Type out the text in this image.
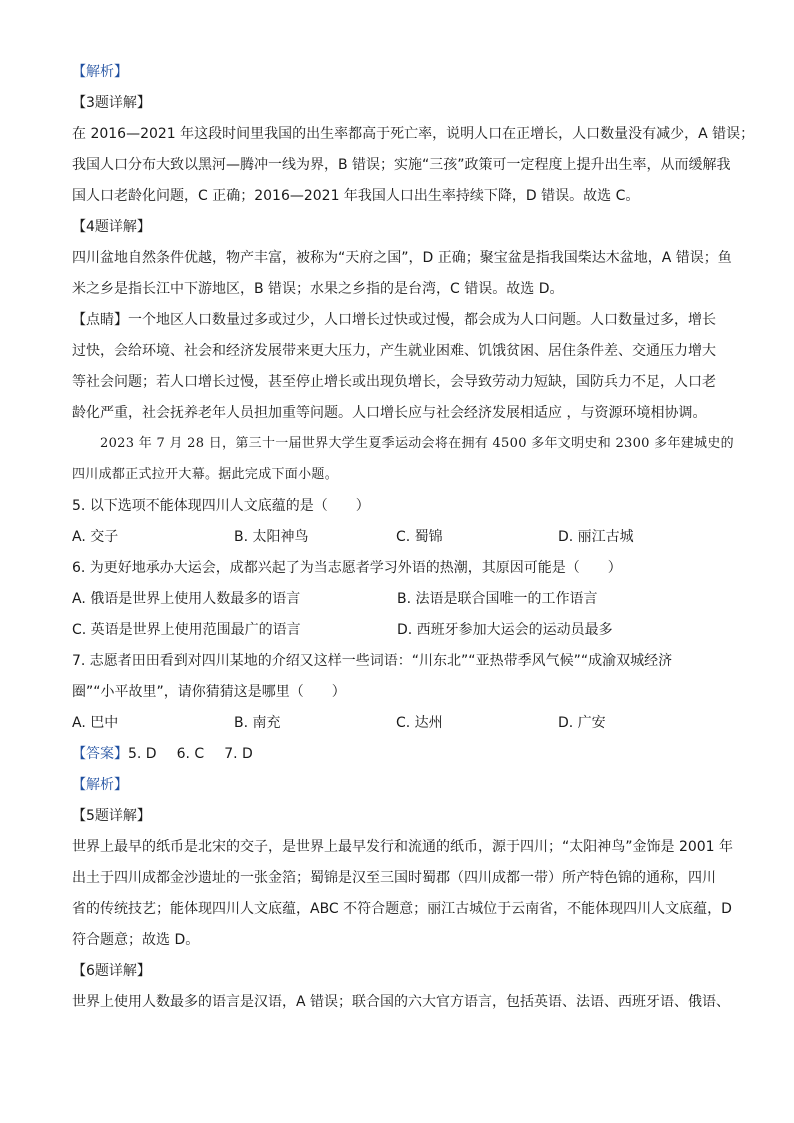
【解析】

【3题详解】

在 2016—2021 年这段时间里我国的出生率都高于死亡率，说明人口在正增长，人口数量没有减少，A 错误；

我国人口分布大致以黑河—腾冲一线为界，B 错误；实施“三孩”政策可一定程度上提升出生率，从而缓解我

国人口老龄化问题，C 正确；2016—2021 年我国人口出生率持续下降，D 错误。故选 C。

【4题详解】

四川盆地自然条件优越，物产丰富，被称为“天府之国”，D 正确；聚宝盆是指我国柴达木盆地，A 错误；鱼

米之乡是指长江中下游地区，B 错误；水果之乡指的是台湾，C 错误。故选 D。

【点睛】一个地区人口数量过多或过少，人口增长过快或过慢，都会成为人口问题。人口数量过多，增长

过快，会给环境、社会和经济发展带来更大压力，产生就业困难、饥饿贫困、居住条件差、交通压力增大

等社会问题；若人口增长过慢，甚至停止增长或出现负增长，会导致劳动力短缺，国防兵力不足，人口老

龄化严重，社会抚养老年人员担加重等问题。人口增长应与社会经济发展相适应 ，与资源环境相协调。

2023 年 7 月 28 日，第三十一届世界大学生夏季运动会将在拥有 4500 多年文明史和 2300 多年建城史的

四川成都正式拉开大幕。据此完成下面小题。

5. 以下选项不能体现四川人文底蕴的是（　　）

A. 交子	B. 太阳神鸟	C. 蜀锦	D. 丽江古城

6. 为更好地承办大运会，成都兴起了为当志愿者学习外语的热潮，其原因可能是（　　）

A. 俄语是世界上使用人数最多的语言	B. 法语是联合国唯一的工作语言
C. 英语是世界上使用范围最广的语言	D. 西班牙参加大运会的运动员最多

7. 志愿者田田看到对四川某地的介绍又这样一些词语：“川东北”“亚热带季风气候”“成渝双城经济

圈”“小平故里”，请你猜猜这是哪里（　　）

A. 巴中	B. 南充	C. 达州	D. 广安

【答案】5. D 6. C 7. D

【解析】

【5题详解】

世界上最早的纸币是北宋的交子，是世界上最早发行和流通的纸币，源于四川；“太阳神鸟”金饰是 2001 年

出土于四川成都金沙遗址的一张金箔；蜀锦是汉至三国时蜀郡（四川成都一带）所产特色锦的通称，四川

省的传统技艺；能体现四川人文底蕴，ABC 不符合题意；丽江古城位于云南省，不能体现四川人文底蕴，D

符合题意；故选 D。

【6题详解】

世界上使用人数最多的语言是汉语，A 错误；联合国的六大官方语言，包括英语、法语、西班牙语、俄语、
